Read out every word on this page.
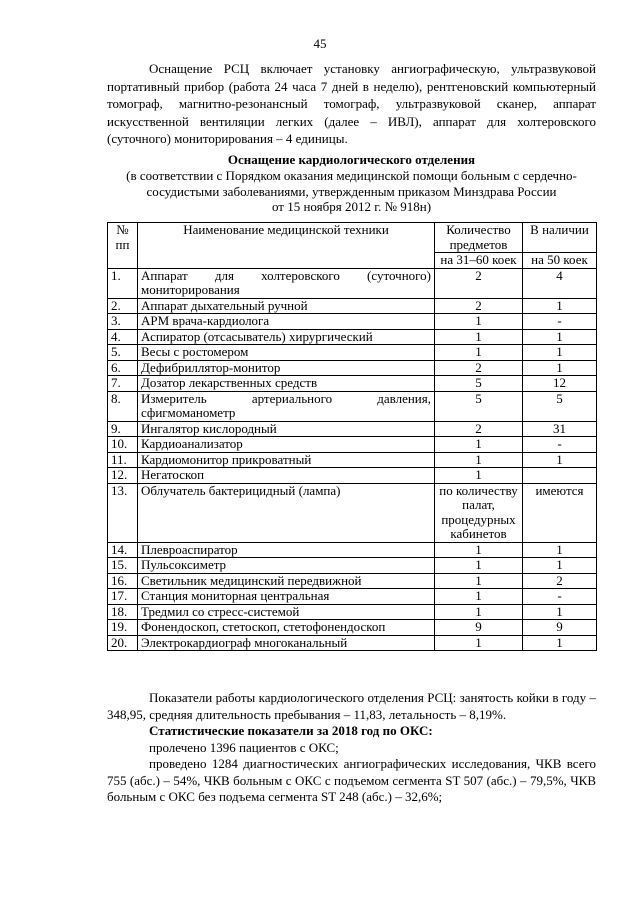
45

Оснащение РСЦ включает установку ангиографическую, ультразвуковой портативный прибор (работа 24 часа 7 дней в неделю), рентгеновский компьютерный томограф, магнитно-резонансный томограф, ультразвуковой сканер, аппарат искусственной вентиляции легких (далее – ИВЛ), аппарат для холтеровского (суточного) мониторирования – 4 единицы.

Оснащение кардиологического отделения

(в соответствии с Порядком оказания медицинской помощи больным с сердечно-
сосудистыми заболеваниями, утвержденным приказом Минздрава России
от 15 ноября 2012 г. № 918н)

№ пп	Наименование медицинской техники	Количество предметов	В наличии
		на 31–60 коек	на 50 коек
1.	Аппарат для холтеровского (суточного) мониторирования	2	4
2.	Аппарат дыхательный ручной	2	1
3.	АРМ врача-кардиолога	1	-
4.	Аспиратор (отсасыватель) хирургический	1	1
5.	Весы с ростомером	1	1
6.	Дефибриллятор-монитор	2	1
7.	Дозатор лекарственных средств	5	12
8.	Измеритель артериального давления, сфигмоманометр	5	5
9.	Ингалятор кислородный	2	31
10.	Кардиоанализатор	1	-
11.	Кардиомонитор прикроватный	1	1
12.	Негатоскоп	1	
13.	Облучатель бактерицидный (лампа)	по количеству палат, процедурных кабинетов	имеются
14.	Плевроаспиратор	1	1
15.	Пульсоксиметр	1	1
16.	Светильник медицинский передвижной	1	2
17.	Станция мониторная центральная	1	-
18.	Тредмил со стресс-системой	1	1
19.	Фонендоскоп, стетоскоп, стетофонендоскоп	9	9
20.	Электрокардиограф многоканальный	1	1

Показатели работы кардиологического отделения РСЦ: занятость койки в году – 348,95, средняя длительность пребывания – 11,83, летальность – 8,19%.

Статистические показатели за 2018 год по ОКС:

пролечено 1396 пациентов с ОКС;

проведено 1284 диагностических ангиографических исследования, ЧКВ всего 755 (абс.) – 54%, ЧКВ больным с ОКС с подъемом сегмента ST 507 (абс.) – 79,5%, ЧКВ больным с ОКС без подъема сегмента ST 248 (абс.) – 32,6%;
